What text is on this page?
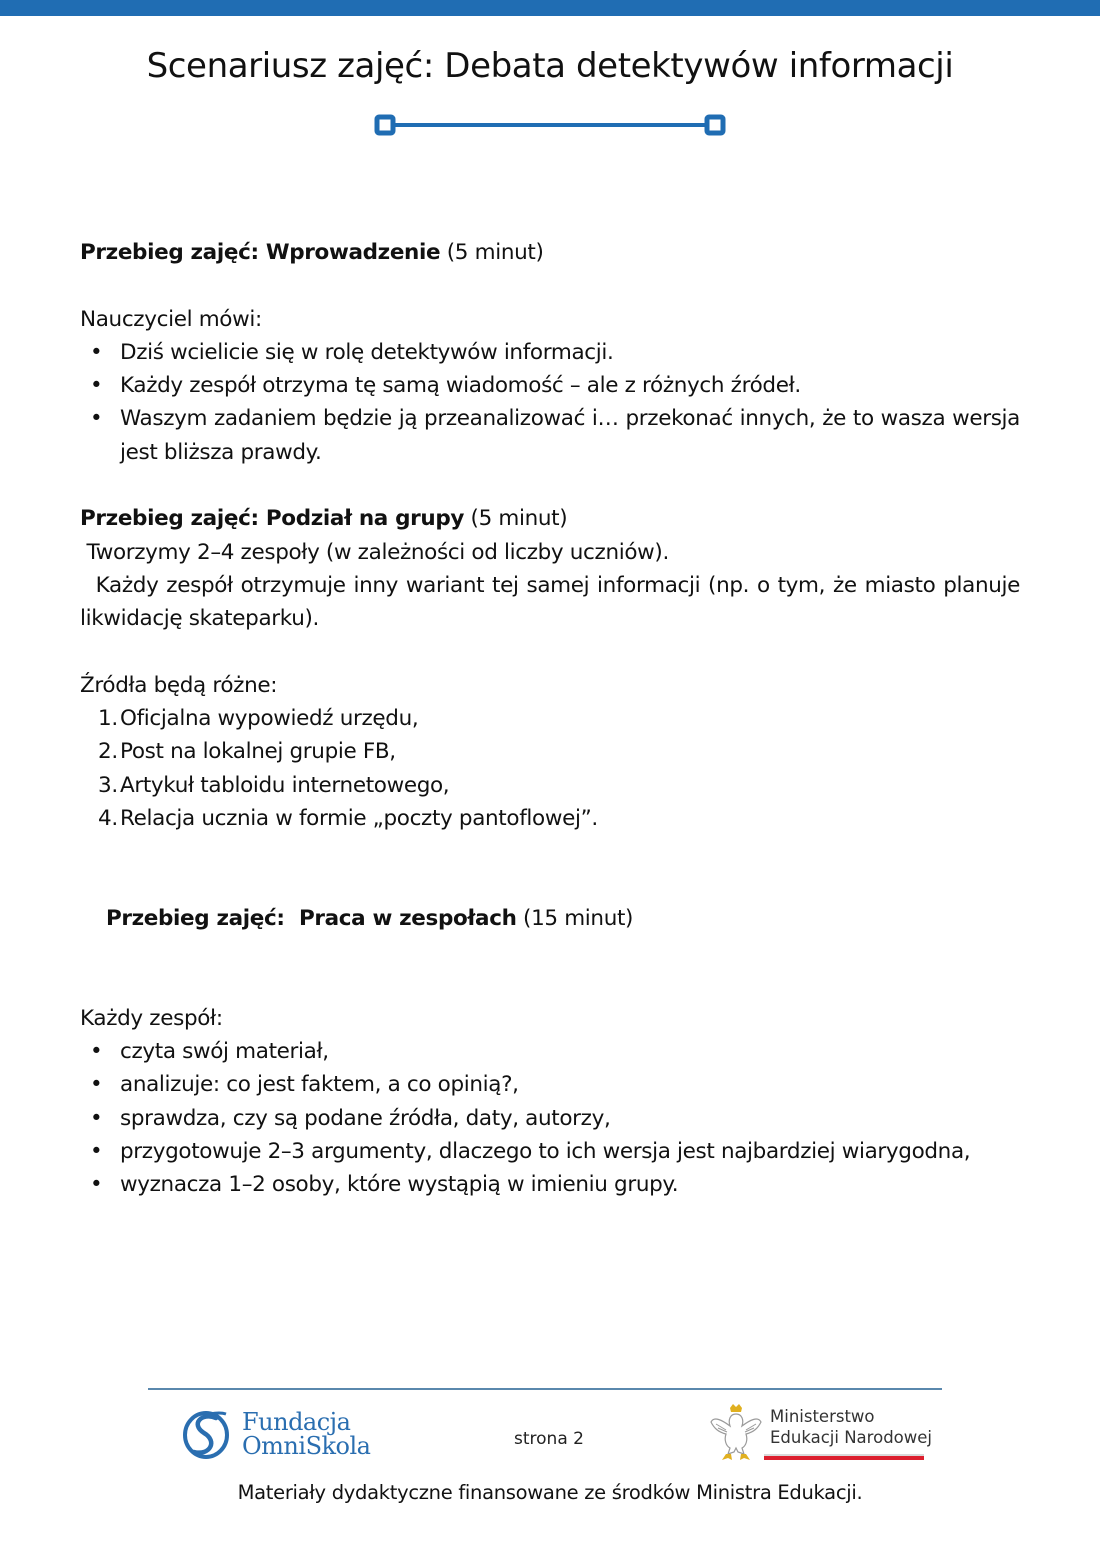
Scenariusz zajęć: Debata detektywów informacji

Przebieg zajęć: Wprowadzenie (5 minut)

Nauczyciel mówi:

• Dziś wcielicie się w rolę detektywów informacji.
• Każdy zespół otrzyma tę samą wiadomość – ale z różnych źródeł.
• Waszym zadaniem będzie ją przeanalizować i… przekonać innych, że to wasza wersja jest bliższa prawdy.

Przebieg zajęć: Podział na grupy (5 minut)

Tworzymy 2–4 zespoły (w zależności od liczby uczniów).

Każdy zespół otrzymuje inny wariant tej samej informacji (np. o tym, że miasto planuje likwidację skateparku).

Źródła będą różne:

1. Oficjalna wypowiedź urzędu,
2. Post na lokalnej grupie FB,
3. Artykuł tabloidu internetowego,
4. Relacja ucznia w formie „poczty pantoflowej”.

Przebieg zajęć:  Praca w zespołach (15 minut)

Każdy zespół:

• czyta swój materiał,
• analizuje: co jest faktem, a co opinią?,
• sprawdza, czy są podane źródła, daty, autorzy,
• przygotowuje 2–3 argumenty, dlaczego to ich wersja jest najbardziej wiarygodna,
• wyznacza 1–2 osoby, które wystąpią w imieniu grupy.
Fundacja
OmniSkola	strona 2
Ministerstwo
Edukacji Narodowej
Materiały dydaktyczne finansowane ze środków Ministra Edukacji.
